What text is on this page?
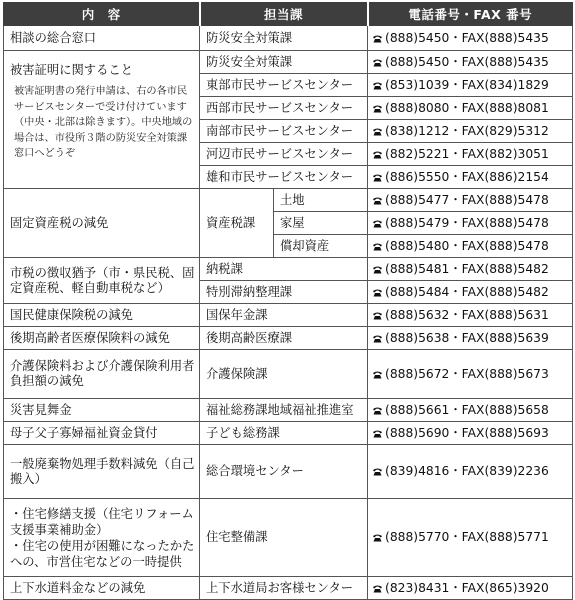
内　容	担当課		電話番号・FAX 番号
相談の総合窓口	防災安全対策課		(888)5450・FAX(888)5435

被害証明に関すること
被害証明書の発行申請は、右の各市民サービスセンターで受け付けています（中央・北部は除きます）。中央地域の場合は、市役所３階の防災安全対策課窓口へどうぞ	防災安全対策課		(888)5450・FAX(888)5435
	東部市民サービスセンター		(853)1039・FAX(834)1829
	西部市民サービスセンター		(888)8080・FAX(888)8081
	南部市民サービスセンター		(838)1212・FAX(829)5312
	河辺市民サービスセンター		(882)5221・FAX(882)3051
	雄和市民サービスセンター		(886)5550・FAX(886)2154
固定資産税の減免	資産税課	土地	(888)5477・FAX(888)5478
		家屋	(888)5479・FAX(888)5478
		償却資産	(888)5480・FAX(888)5478
市税の徴収猶予（市・県民税、固定資産税、軽自動車税など）	納税課		(888)5481・FAX(888)5482
	特別滞納整理課		(888)5484・FAX(888)5482
国民健康保険税の減免	国保年金課		(888)5632・FAX(888)5631
後期高齢者医療保険料の減免	後期高齢医療課		(888)5638・FAX(888)5639
介護保険料および介護保険利用者負担額の減免	介護保険課		(888)5672・FAX(888)5673
災害見舞金	福祉総務課地域福祉推進室		(888)5661・FAX(888)5658
母子父子寡婦福祉資金貸付	子ども総務課		(888)5690・FAX(888)5693
一般廃棄物処理手数料減免（自己搬入）	総合環境センター		(839)4816・FAX(839)2236

・住宅修繕支援（住宅リフォーム支援事業補助金）
・住宅の使用が困難になったかたへの、市営住宅などの一時提供	住宅整備課		(888)5770・FAX(888)5771
上下水道料金などの減免	上下水道局お客様センター		(823)8431・FAX(865)3920
